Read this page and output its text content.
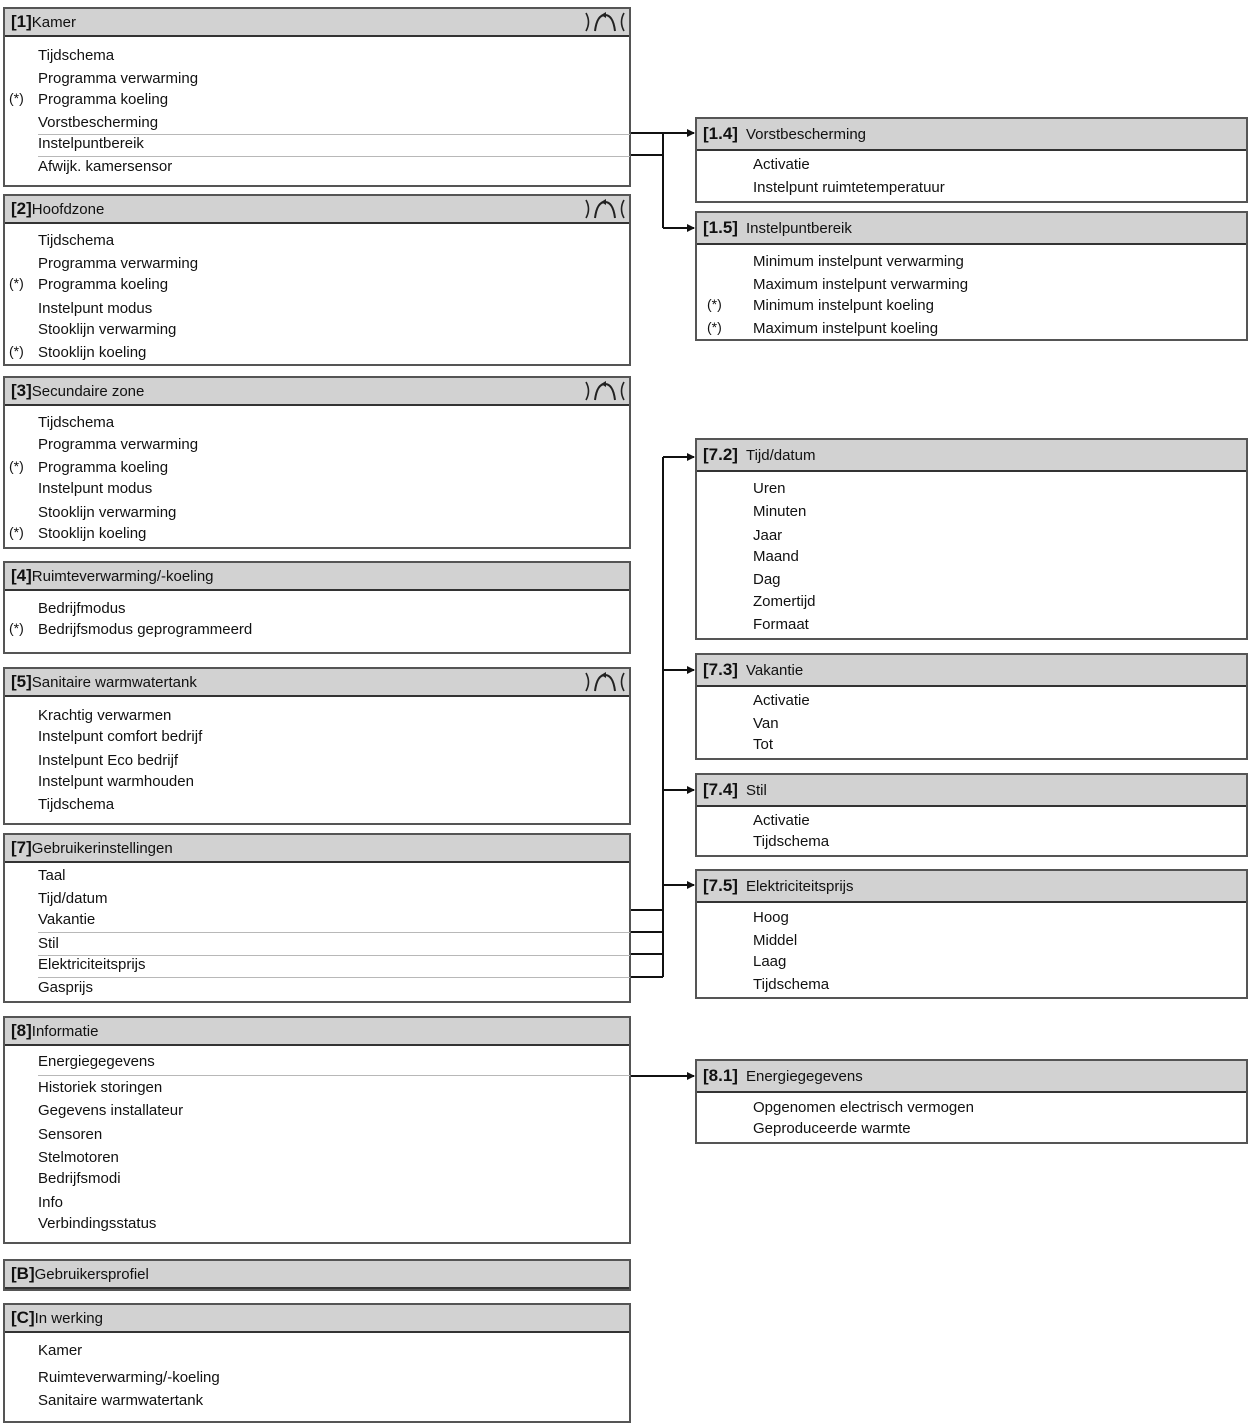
[1]Kamer
Tijdschema
Programma verwarming
Programma koeling
(*)
Vorstbescherming
Instelpuntbereik
Afwijk. kamersensor
[2]Hoofdzone
Tijdschema
Programma verwarming
Programma koeling
(*)
Instelpunt modus
Stooklijn verwarming
Stooklijn koeling
(*)
[3]Secundaire zone
Tijdschema
Programma verwarming
Programma koeling
(*)
Instelpunt modus
Stooklijn verwarming
Stooklijn koeling
(*)
[4]Ruimteverwarming/-koeling
Bedrijfmodus
Bedrijfsmodus geprogrammeerd
(*)
[5]Sanitaire warmwatertank
Krachtig verwarmen
Instelpunt comfort bedrijf
Instelpunt Eco bedrijf
Instelpunt warmhouden
Tijdschema
[7]Gebruikerinstellingen
Taal
Tijd/datum
Vakantie
Stil
Elektriciteitsprijs
Gasprijs
[8]Informatie
Energiegegevens
Historiek storingen
Gegevens installateur
Sensoren
Stelmotoren
Bedrijfsmodi
Info
Verbindingsstatus
[B]Gebruikersprofiel
[C]In werking
Kamer
Ruimteverwarming/-koeling
Sanitaire warmwatertank
[1.4] Vorstbescherming
Activatie
Instelpunt ruimtetemperatuur
[1.5] Instelpuntbereik
Minimum instelpunt verwarming
Maximum instelpunt verwarming
Minimum instelpunt koeling
(*)
Maximum instelpunt koeling
(*)
[7.2] Tijd/datum
Uren
Minuten
Jaar
Maand
Dag
Zomertijd
Formaat
[7.3] Vakantie
Activatie
Van
Tot
[7.4] Stil
Activatie
Tijdschema
[7.5] Elektriciteitsprijs
Hoog
Middel
Laag
Tijdschema
[8.1] Energiegegevens
Opgenomen electrisch vermogen
Geproduceerde warmte
